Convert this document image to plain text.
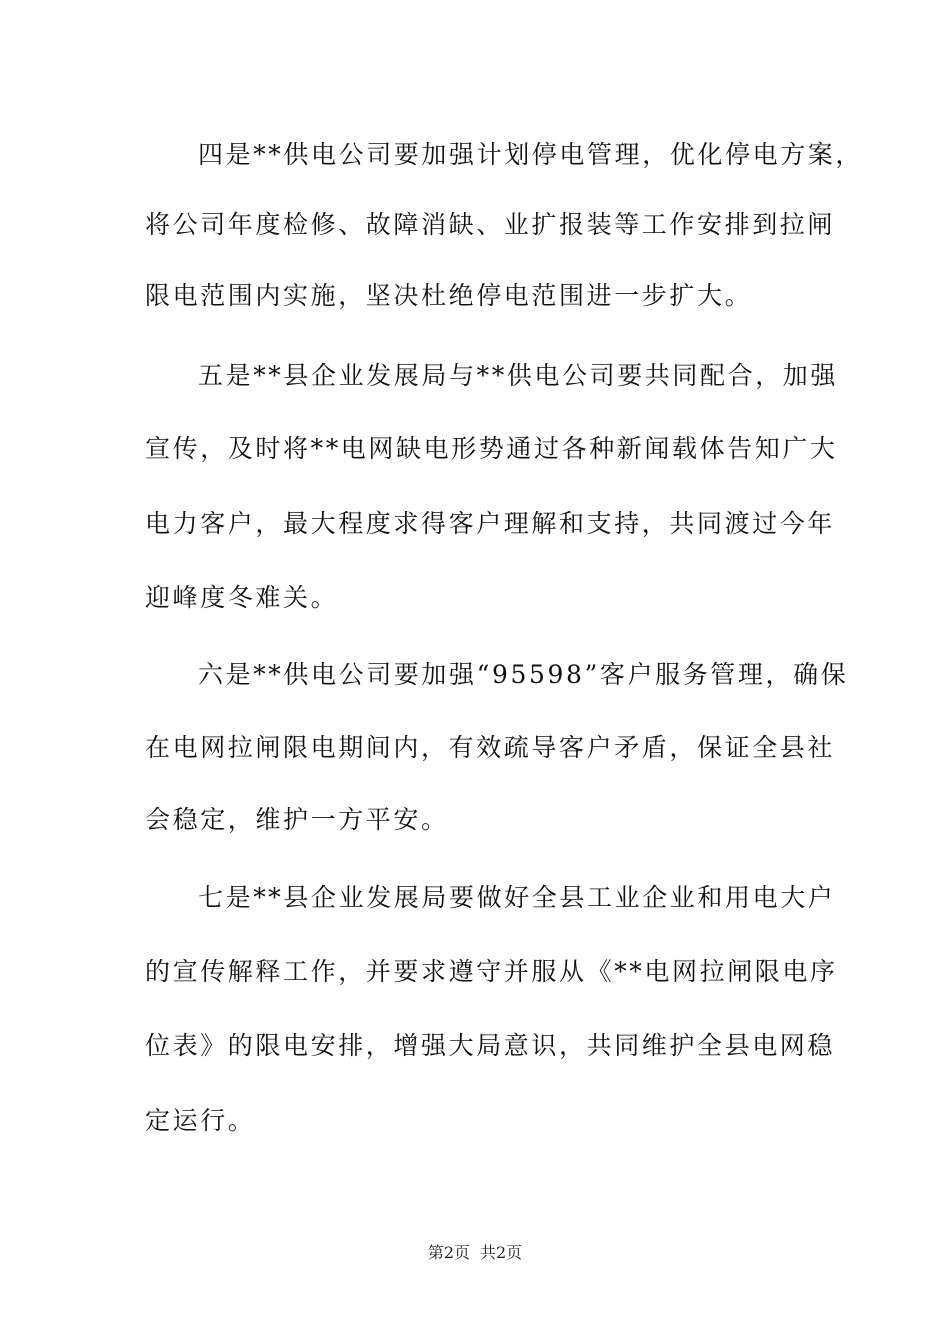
四是**供电公司要加强计划停电管理，优化停电方案，
将公司年度检修、故障消缺、业扩报装等工作安排到拉闸
限电范围内实施，坚决杜绝停电范围进一步扩大。
五是**县企业发展局与**供电公司要共同配合，加强
宣传，及时将**电网缺电形势通过各种新闻载体告知广大
电力客户，最大程度求得客户理解和支持，共同渡过今年
迎峰度冬难关。
六是**供电公司要加强“95598”客户服务管理，确保
在电网拉闸限电期间内，有效疏导客户矛盾，保证全县社
会稳定，维护一方平安。
七是**县企业发展局要做好全县工业企业和用电大户
的宣传解释工作，并要求遵守并服从《**电网拉闸限电序
位表》的限电安排，增强大局意识，共同维护全县电网稳
定运行。
第2页 共2页
